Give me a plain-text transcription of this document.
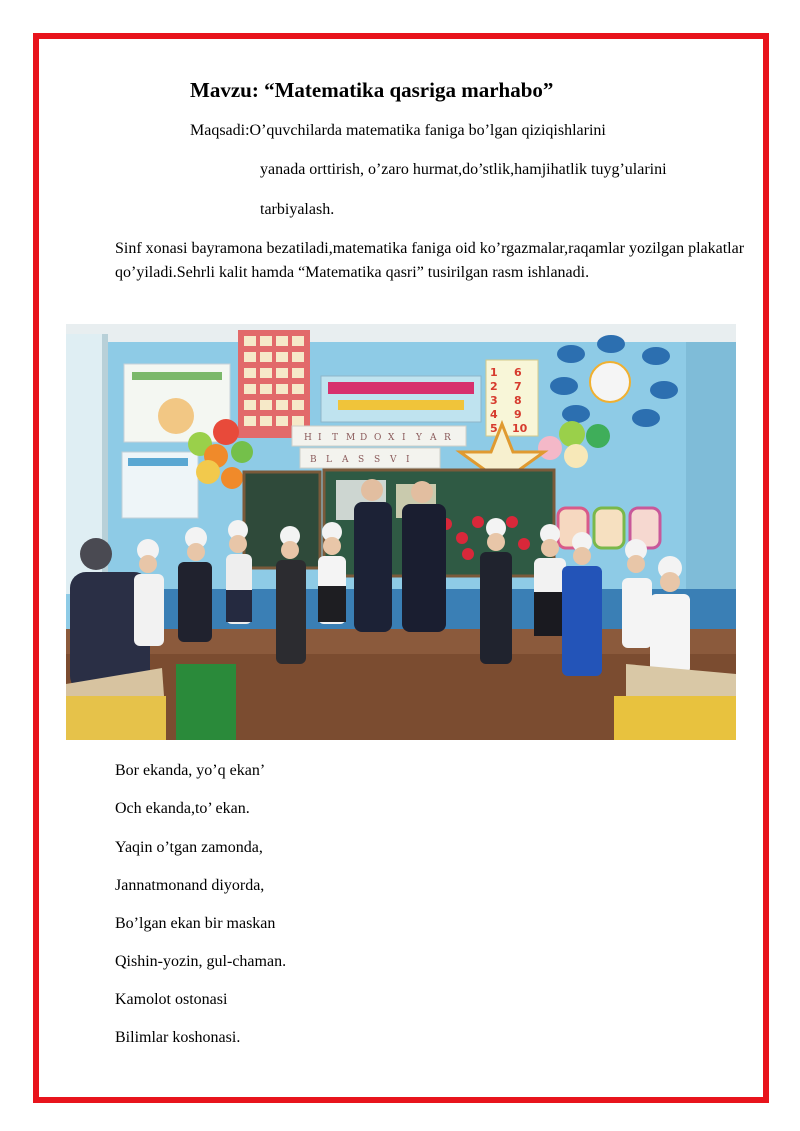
Mavzu: “Matematika qasriga marhabo”
Maqsadi:O’quvchilarda matematika faniga bo’lgan qiziqishlarini
yanada orttirish, o’zaro hurmat,do’stlik,hamjihatlik tuyg’ularini
tarbiyalash.
Sinf xonasi bayramona bezatiladi,matematika faniga oid ko’rgazmalar,raqamlar yozilgan plakatlar qo’yiladi.Sehrli kalit hamda “Matematika qasri” tusirilgan rasm ishlanadi.
1 6
2 7
3 8
4 9
5 10
H I T M D O X I Y A R
B L A S S V I
Bor ekanda, yo’q ekan’
Och ekanda,to’ ekan.
Yaqin o’tgan zamonda,
Jannatmonand diyorda,
Bo’lgan ekan bir maskan
Qishin-yozin, gul-chaman.
Kamolot ostonasi
Bilimlar koshonasi.
